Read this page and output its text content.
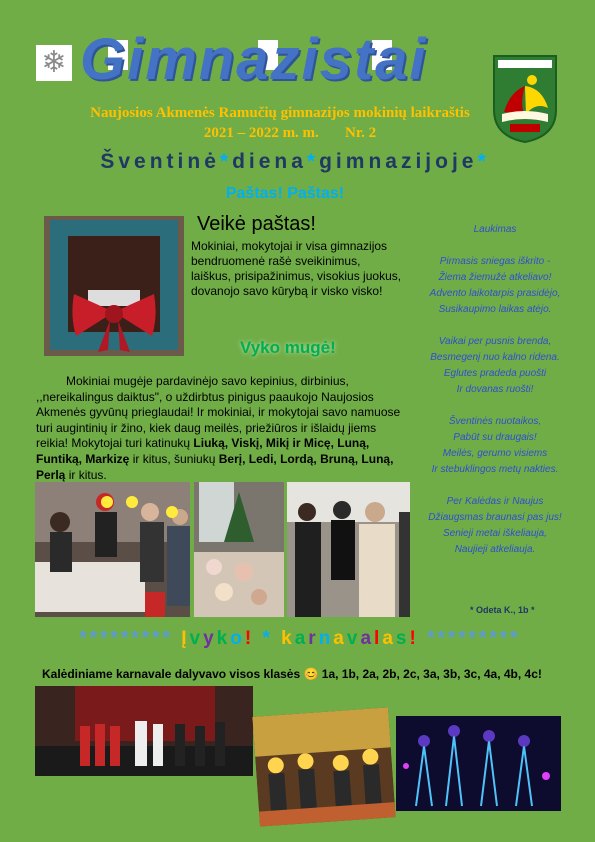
❄ Gimnazistai
Naujosios Akmenės Ramučių gimnazijos mokinių laikraštis
2021 – 2022 m. m.       Nr. 2
Šventinė*diena*gimnazijoje*
Paštas! Paštas!
Veikė paštas!
Mokiniai, mokytojai ir visa gimnazijos bendruomenė rašė sveikinimus, laiškus, prisipažinimus, visokius juokus, dovanojo savo kūrybą ir visko visko!
Vyko mugė!
Mokiniai mugėje pardavinėjo savo kepinius, dirbinius, ,,nereikalingus daiktus", o uždirbtus pinigus paaukojo Naujosios Akmenės gyvūnų prieglaudai! Ir mokiniai, ir mokytojai savo namuose turi augintinių ir žino, kiek daug meilės, priežiūros ir išlaidų jiems reikia! Mokytojai turi katinukų Liuką, Viskį, Mikį ir Micę, Luną, Funtiką, Markizę ir kitus, šuniukų Berį, Ledi, Lordą, Bruną, Luną, Perlą ir kitus.

Laukimas

Pirmasis sniegas iškrito -

Žiema žiemužė atkeliavo!

Advento laikotarpis prasidėjo,

Susikaupimo laikas atėjo.

Vaikai per pusnis brenda,

Besmegenį nuo kalno ridena.

Eglutes pradeda puošti

Ir dovanas ruošti!

Šventinės nuotaikos,

Pabūt su draugais!

Meilės, gerumo visiems

Ir stebuklingos metų nakties.

Per Kalėdas ir Naujus

Džiaugsmas braunasi pas jus!

Senieji metai iškeliauja,

Naujieji atkeliauja.

* Odeta K., 1b *
********* Įvyko! * karnavalas! *********
Kalėdiniame karnavale dalyvavo visos klasės 😊 1a, 1b, 2a, 2b, 2c, 3a, 3b, 3c, 4a, 4b, 4c!
